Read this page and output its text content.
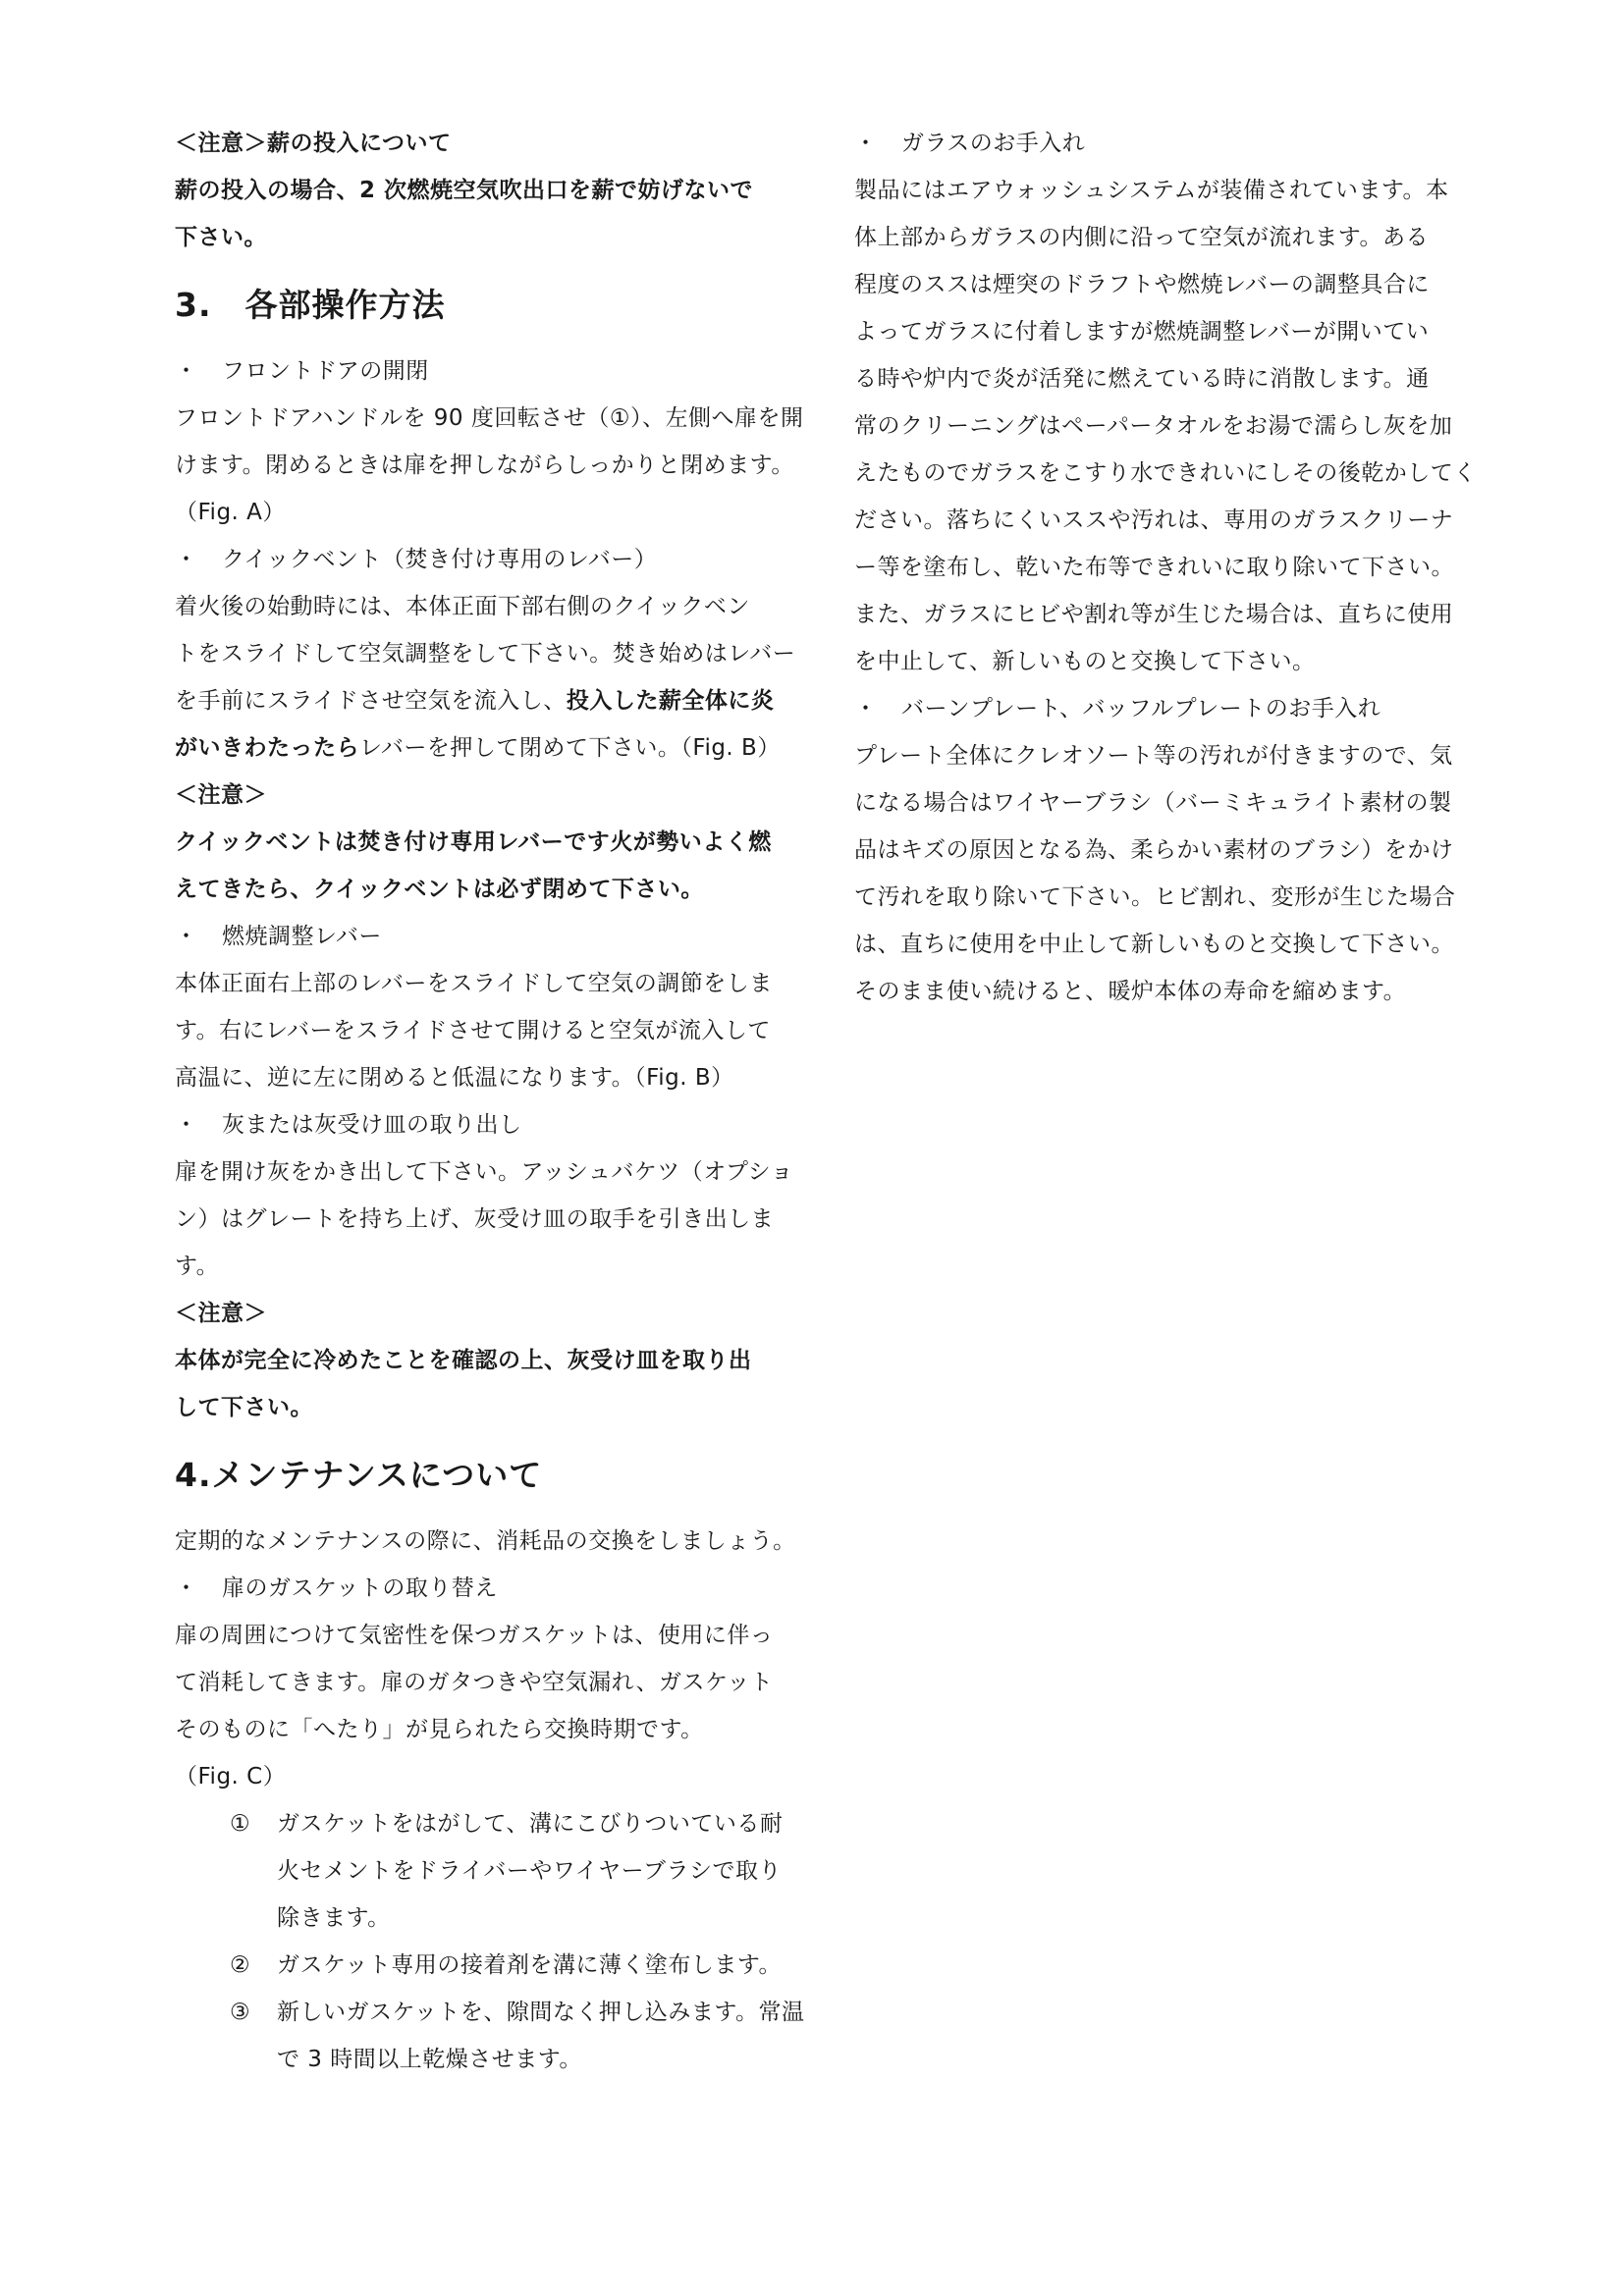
＜注意＞薪の投入について
薪の投入の場合、2 次燃焼空気吹出口を薪で妨げないで
下さい。
3.　各部操作方法
・ フロントドアの開閉
フロントドアハンドルを 90 度回転させ（①）、左側へ扉を開
けます。閉めるときは扉を押しながらしっかりと閉めます。
（Fig. A）
・ クイックベント（焚き付け専用のレバー）
着火後の始動時には、本体正面下部右側のクイックベン
トをスライドして空気調整をして下さい。焚き始めはレバー
を手前にスライドさせ空気を流入し、投入した薪全体に炎
がいきわたったらレバーを押して閉めて下さい。（Fig. B）
＜注意＞
クイックベントは焚き付け専用レバーです火が勢いよく燃
えてきたら、クイックベントは必ず閉めて下さい。
・ 燃焼調整レバー
本体正面右上部のレバーをスライドして空気の調節をしま
す。右にレバーをスライドさせて開けると空気が流入して
高温に、逆に左に閉めると低温になります。（Fig. B）
・ 灰または灰受け皿の取り出し
扉を開け灰をかき出して下さい。アッシュバケツ（オプショ
ン）はグレートを持ち上げ、灰受け皿の取手を引き出しま
す。
＜注意＞
本体が完全に冷めたことを確認の上、灰受け皿を取り出
して下さい。
4.メンテナンスについて
定期的なメンテナンスの際に、消耗品の交換をしましょう。
・ 扉のガスケットの取り替え
扉の周囲につけて気密性を保つガスケットは、使用に伴っ
て消耗してきます。扉のガタつきや空気漏れ、ガスケット
そのものに「へたり」が見られたら交換時期です。
（Fig. C）
① ガスケットをはがして、溝にこびりついている耐
火セメントをドライバーやワイヤーブラシで取り
除きます。
② ガスケット専用の接着剤を溝に薄く塗布します。
③ 新しいガスケットを、隙間なく押し込みます。常温
で 3 時間以上乾燥させます。
・ ガラスのお手入れ
製品にはエアウォッシュシステムが装備されています。本
体上部からガラスの内側に沿って空気が流れます。ある
程度のススは煙突のドラフトや燃焼レバーの調整具合に
よってガラスに付着しますが燃焼調整レバーが開いてい
る時や炉内で炎が活発に燃えている時に消散します。通
常のクリーニングはペーパータオルをお湯で濡らし灰を加
えたものでガラスをこすり水できれいにしその後乾かしてく
ださい。落ちにくいススや汚れは、専用のガラスクリーナ
ー等を塗布し、乾いた布等できれいに取り除いて下さい。
また、ガラスにヒビや割れ等が生じた場合は、直ちに使用
を中止して、新しいものと交換して下さい。
・ バーンプレート、バッフルプレートのお手入れ
プレート全体にクレオソート等の汚れが付きますので、気
になる場合はワイヤーブラシ（バーミキュライト素材の製
品はキズの原因となる為、柔らかい素材のブラシ）をかけ
て汚れを取り除いて下さい。ヒビ割れ、変形が生じた場合
は、直ちに使用を中止して新しいものと交換して下さい。
そのまま使い続けると、暖炉本体の寿命を縮めます。
